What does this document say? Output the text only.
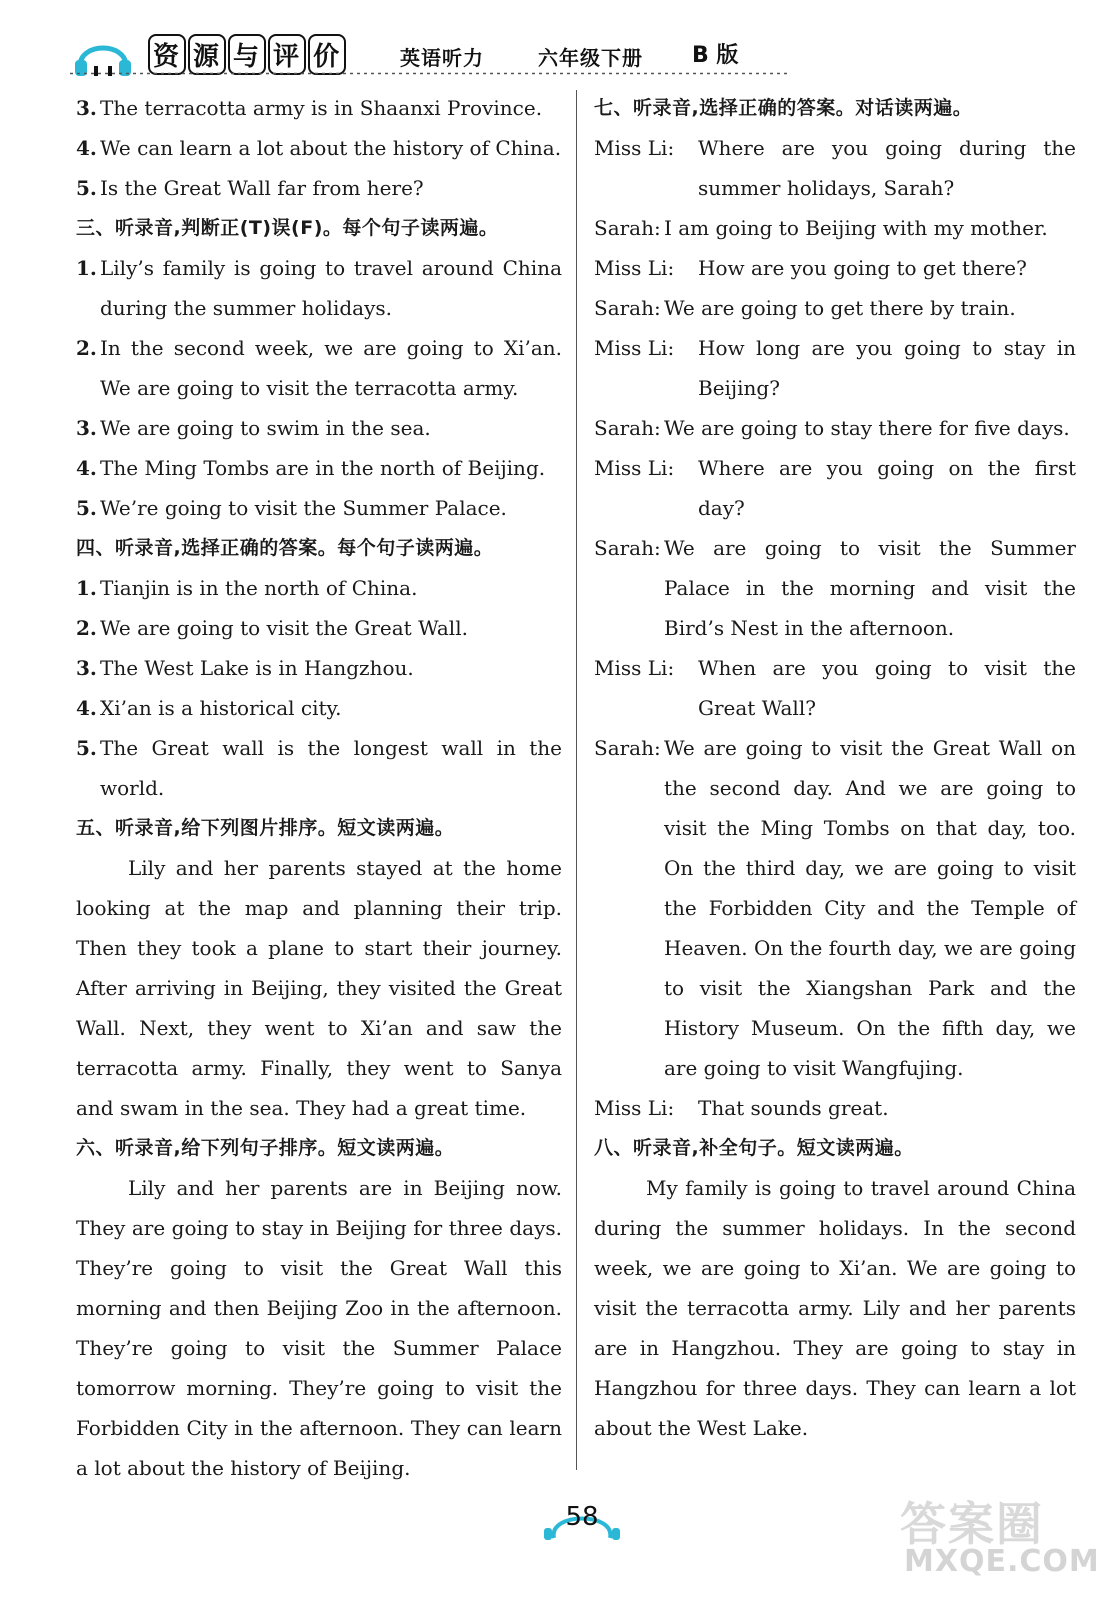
资 源 与 评 价	英语听力	六年级下册 B 版
3. The terracotta army is in Shaanxi Province.
4. We can learn a lot about the history of China.
5. Is the Great Wall far from here?
三、听录音,判断正(T)误(F)。每个句子读两遍。
1. Lily’s family is going to travel around China during the summer holidays.
2. In the second week, we are going to Xi’an. We are going to visit the terracotta army.
3. We are going to swim in the sea.
4. The Ming Tombs are in the north of Beijing.
5. We’re going to visit the Summer Palace.
四、听录音,选择正确的答案。每个句子读两遍。
1. Tianjin is in the north of China.
2. We are going to visit the Great Wall.
3. The West Lake is in Hangzhou.
4. Xi’an is a historical city.
5. The Great wall is the longest wall in the world.
五、听录音,给下列图片排序。短文读两遍。
Lily and her parents stayed at the home looking at the map and planning their trip. Then they took a plane to start their journey. After arriving in Beijing, they visited the Great Wall. Next, they went to Xi’an and saw the terracotta army. Finally, they went to Sanya and swam in the sea. They had a great time.
六、听录音,给下列句子排序。短文读两遍。
Lily and her parents are in Beijing now. They are going to stay in Beijing for three days. They’re going to visit the Great Wall this morning and then Beijing Zoo in the afternoon. They’re going to visit the Summer Palace tomorrow morning. They’re going to visit the Forbidden City in the afternoon. They can learn a lot about the history of Beijing.
七、听录音,选择正确的答案。对话读两遍。
Miss Li:	Where are you going during the summer holidays, Sarah?
Sarah: I am going to Beijing with my mother.
Miss Li:	How are you going to get there?
Sarah: We are going to get there by train.
Miss Li:	How long are you going to stay in Beijing?
Sarah: We are going to stay there for five days.
Miss Li:	Where are you going on the first day?
Sarah: We are going to visit the Summer Palace in the morning and visit the Bird’s Nest in the afternoon.
Miss Li:	When are you going to visit the Great Wall?
Sarah: We are going to visit the Great Wall on the second day. And we are going to visit the Ming Tombs on that day, too. On the third day, we are going to visit the Forbidden City and the Temple of Heaven. On the fourth day, we are going to visit the Xiangshan Park and the History Museum. On the fifth day, we are going to visit Wangfujing.
Miss Li:	That sounds great.
八、听录音,补全句子。短文读两遍。
My family is going to travel around China during the summer holidays. In the second week, we are going to Xi’an. We are going to visit the terracotta army. Lily and her parents are in Hangzhou. They are going to stay in Hangzhou for three days. They can learn a lot about the West Lake.
58	答案圈
MXQE.COM
